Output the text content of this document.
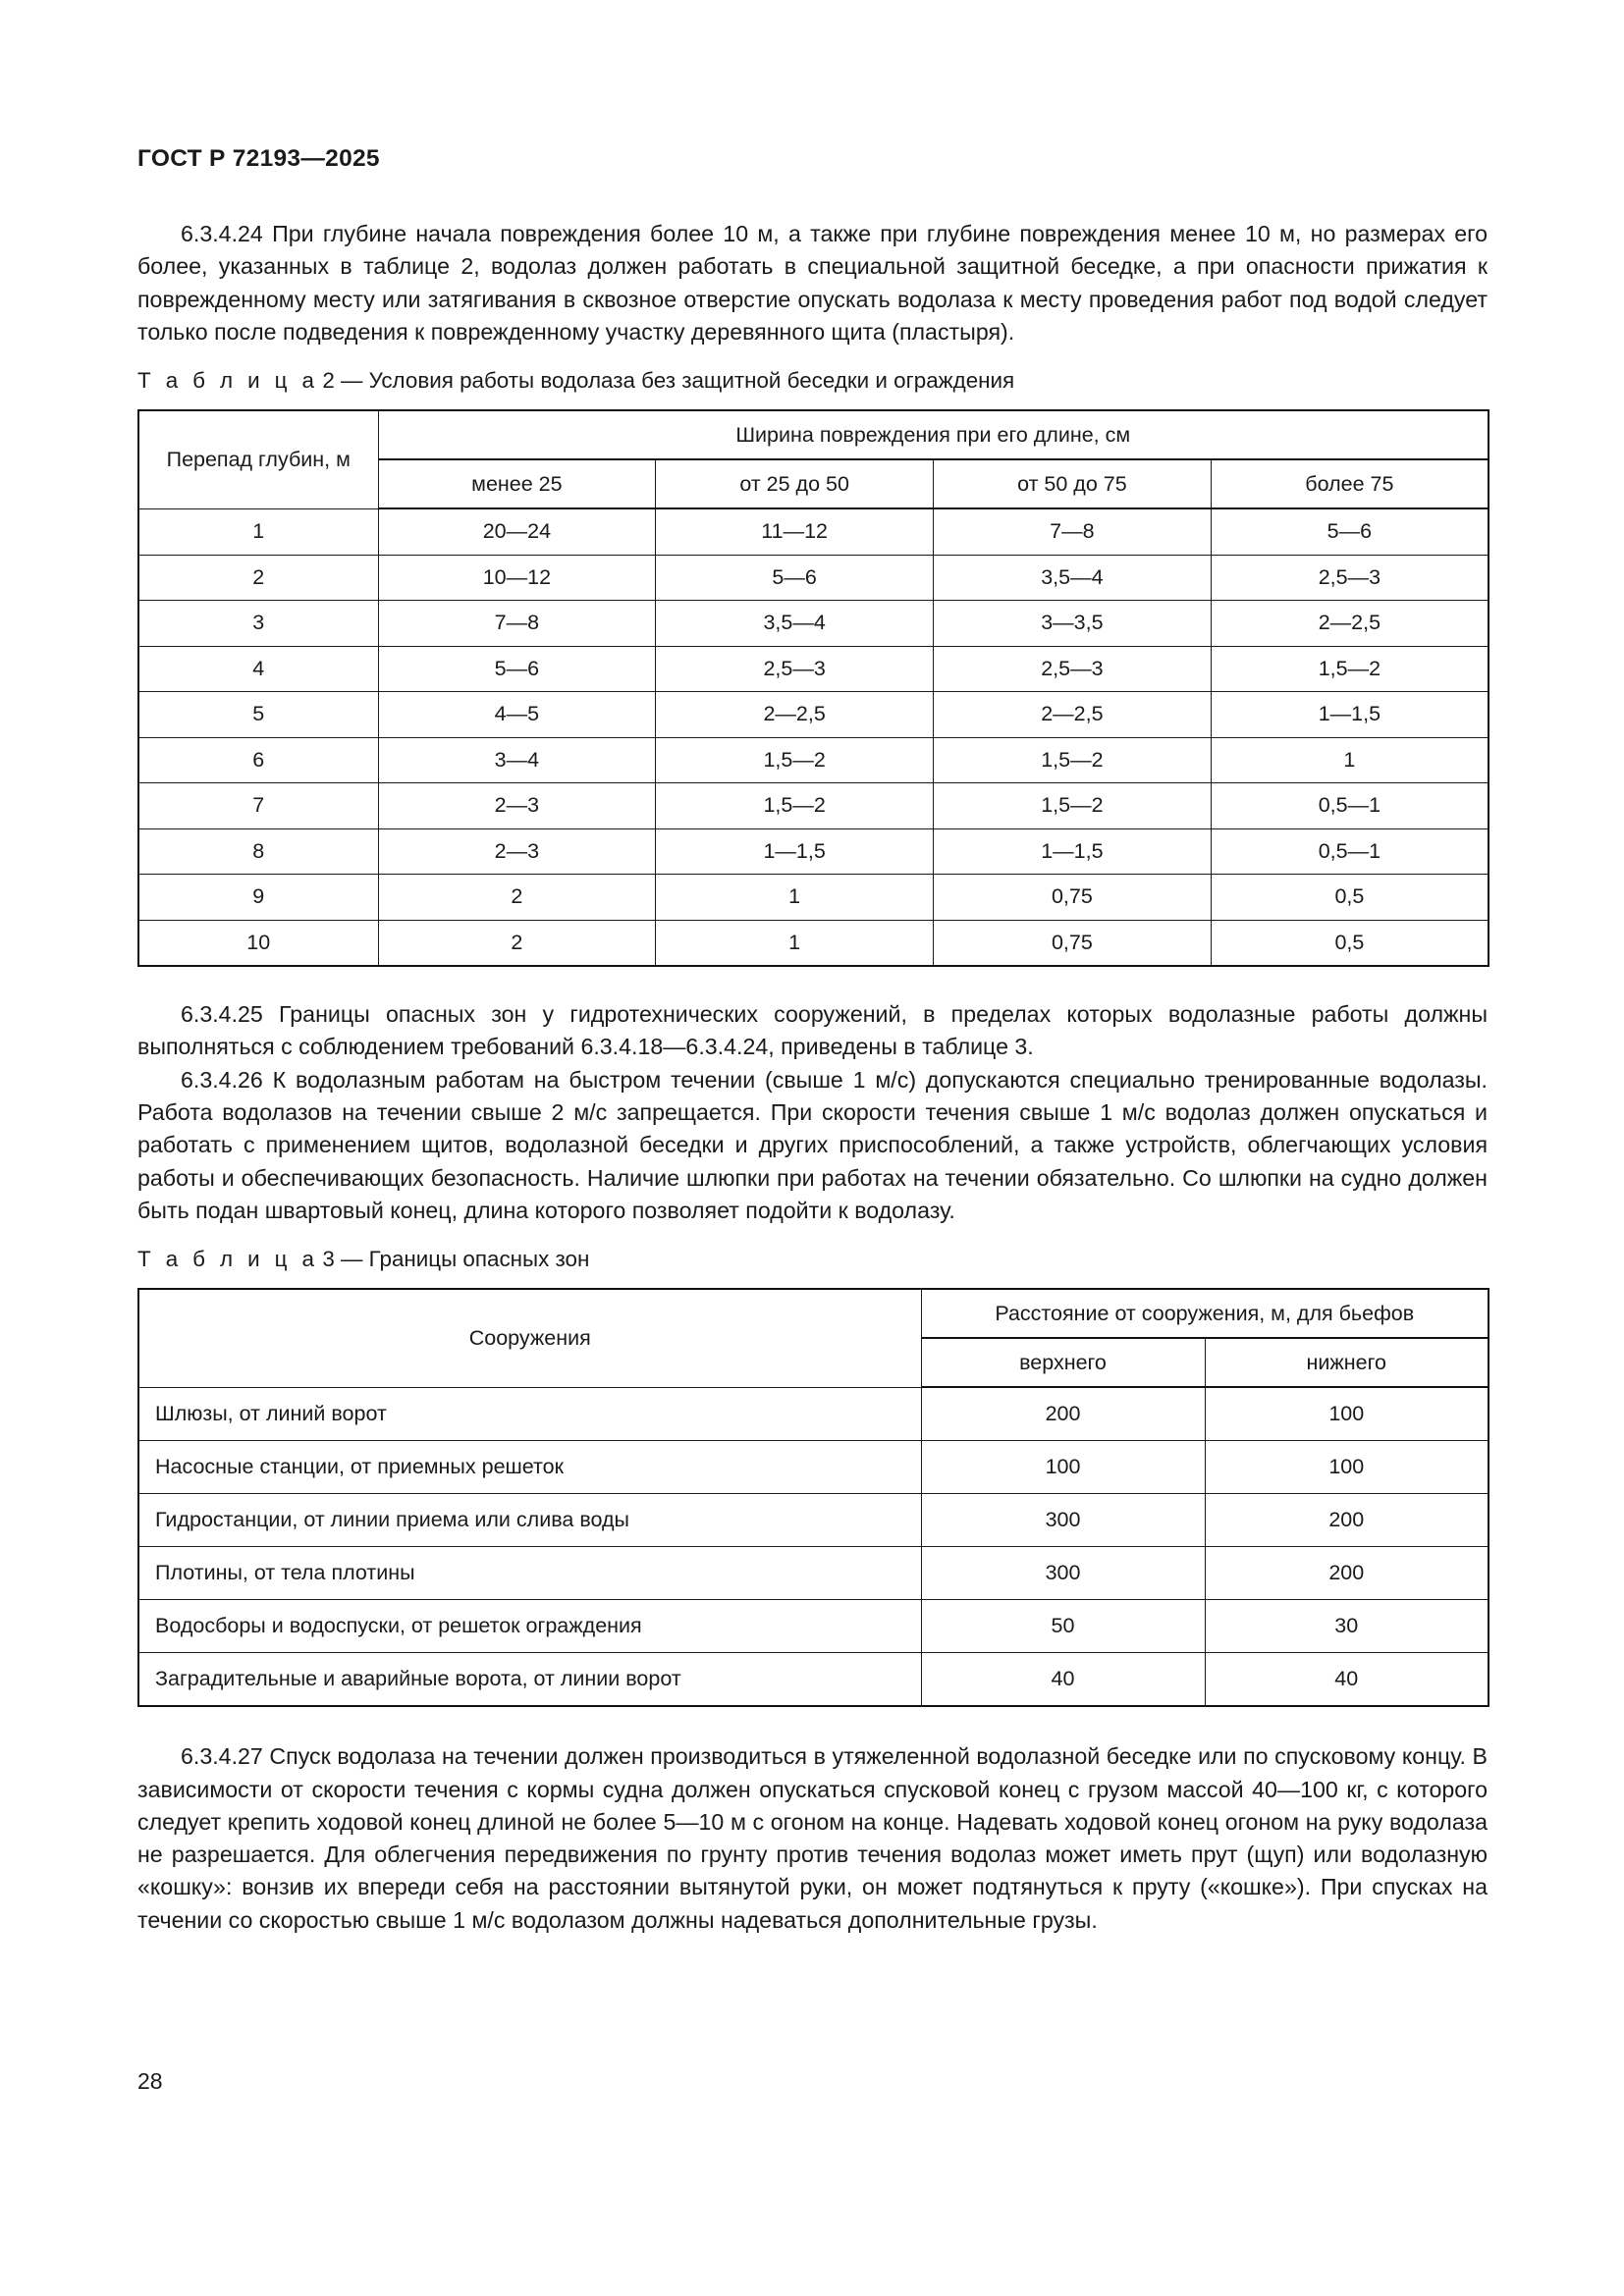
ГОСТ Р 72193—2025

6.3.4.24 При глубине начала повреждения более 10 м, а также при глубине повреждения менее 10 м, но размерах его более, указанных в таблице 2, водолаз должен работать в специальной защитной беседке, а при опасности прижатия к поврежденному месту или затягивания в сквозное отверстие опускать водолаза к месту проведения работ под водой следует только после подведения к поврежденному участку деревянного щита (пластыря).

Т а б л и ц а 2 — Условия работы водолаза без защитной беседки и ограждения

Перепад глубин, м	Ширина повреждения при его длине, см			
	менее 25	от 25 до 50	от 50 до 75	более 75
1	20—24	11—12	7—8	5—6
2	10—12	5—6	3,5—4	2,5—3
3	7—8	3,5—4	3—3,5	2—2,5
4	5—6	2,5—3	2,5—3	1,5—2
5	4—5	2—2,5	2—2,5	1—1,5
6	3—4	1,5—2	1,5—2	1
7	2—3	1,5—2	1,5—2	0,5—1
8	2—3	1—1,5	1—1,5	0,5—1
9	2	1	0,75	0,5
10	2	1	0,75	0,5

6.3.4.25 Границы опасных зон у гидротехнических сооружений, в пределах которых водолазные работы должны выполняться с соблюдением требований 6.3.4.18—6.3.4.24, приведены в таблице 3.

6.3.4.26 К водолазным работам на быстром течении (свыше 1 м/с) допускаются специально тренированные водолазы. Работа водолазов на течении свыше 2 м/с запрещается. При скорости течения свыше 1 м/с водолаз должен опускаться и работать с применением щитов, водолазной беседки и других приспособлений, а также устройств, облегчающих условия работы и обеспечивающих безопасность. Наличие шлюпки при работах на течении обязательно. Со шлюпки на судно должен быть подан швартовый конец, длина которого позволяет подойти к водолазу.

Т а б л и ц а 3 — Границы опасных зон

Сооружения	Расстояние от сооружения, м, для бьефов	
	верхнего	нижнего
Шлюзы, от линий ворот	200	100
Насосные станции, от приемных решеток	100	100
Гидростанции, от линии приема или слива воды	300	200
Плотины, от тела плотины	300	200
Водосборы и водоспуски, от решеток ограждения	50	30
Заградительные и аварийные ворота, от линии ворот	40	40

6.3.4.27 Спуск водолаза на течении должен производиться в утяжеленной водолазной беседке или по спусковому концу. В зависимости от скорости течения с кормы судна должен опускаться спусковой конец с грузом массой 40—100 кг, с которого следует крепить ходовой конец длиной не более 5—10 м с огоном на конце. Надевать ходовой конец огоном на руку водолаза не разрешается. Для облегчения передвижения по грунту против течения водолаз может иметь прут (щуп) или водолазную «кошку»: вонзив их впереди себя на расстоянии вытянутой руки, он может подтянуться к пруту («кошке»). При спусках на течении со скоростью свыше 1 м/с водолазом должны надеваться дополнительные грузы.

28
